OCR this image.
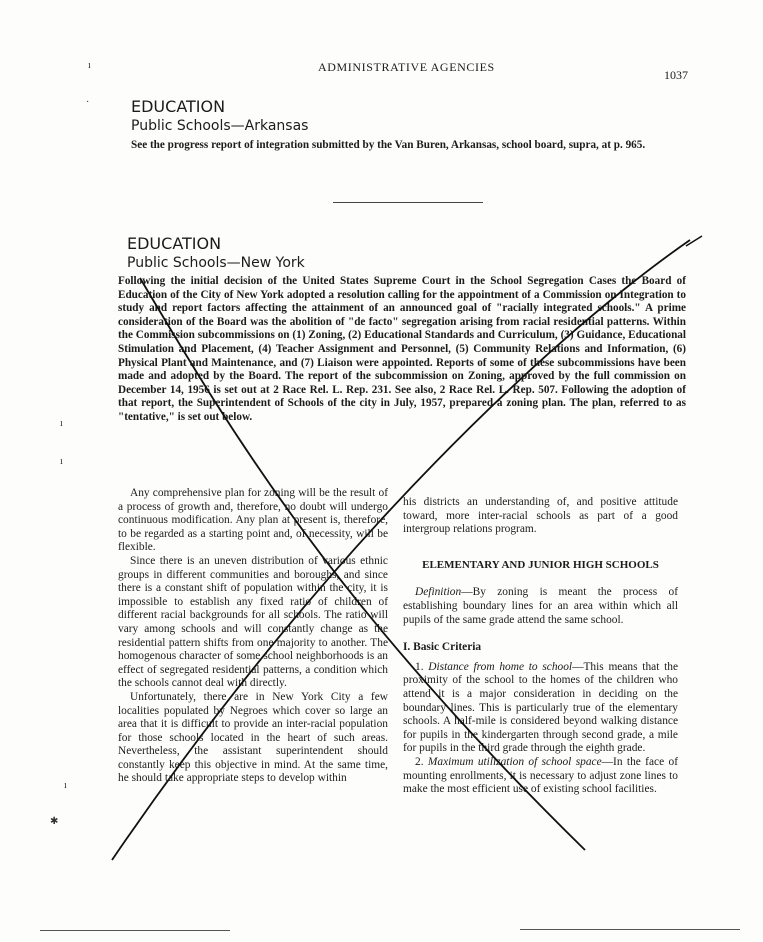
ADMINISTRATIVE AGENCIES
1037
EDUCATION
Public Schools—Arkansas
See the progress report of integration submitted by the Van Buren, Arkansas, school board, supra, at p. 965.
EDUCATION
Public Schools—New York
Following the initial decision of the United States Supreme Court in the School Segregation Cases the Board of Education of the City of New York adopted a resolution calling for the appointment of a Commission on Integration to study and report factors affecting the attainment of an announced goal of "racially integrated schools." A prime consideration of the Board was the abolition of "de facto" segregation arising from racial residential patterns. Within the Commission subcommissions on (1) Zoning, (2) Educational Standards and Curriculum, (3) Guidance, Educational Stimulation and Placement, (4) Teacher Assignment and Personnel, (5) Community Relations and Information, (6) Physical Plant and Maintenance, and (7) Liaison were appointed. Reports of some of these subcommissions have been made and adopted by the Board. The report of the subcommission on Zoning, approved by the full commission on December 14, 1956 is set out at 2 Race Rel. L. Rep. 231. See also, 2 Race Rel. L. Rep. 507. Following the adoption of that report, the Superintendent of Schools of the city in July, 1957, prepared a zoning plan. The plan, referred to as "tentative," is set out below.

Any comprehensive plan for zoning will be the result of a process of growth and, therefore, no doubt will undergo continuous modification. Any plan at present is, therefore, to be regarded as a starting point and, of necessity, will be flexible.

Since there is an uneven distribution of various ethnic groups in different communities and boroughs, and since there is a constant shift of population within the city, it is impossible to establish any fixed ratio of children of different racial backgrounds for all schools. The ratio will vary among schools and will constantly change as the residential pattern shifts from one majority to another. The homogenous character of some school neighborhoods is an effect of segregated residential patterns, a condition which the schools cannot deal with directly.

Unfortunately, there are in New York City a few localities populated by Negroes which cover so large an area that it is difficult to provide an inter-racial population for those schools located in the heart of such areas. Nevertheless, the assistant superintendent should constantly keep this objective in mind. At the same time, he should take appropriate steps to develop within

his districts an understanding of, and positive attitude toward, more inter-racial schools as part of a good intergroup relations program.

ELEMENTARY AND JUNIOR HIGH SCHOOLS

Definition—By zoning is meant the process of establishing boundary lines for an area within which all pupils of the same grade attend the same school.

I. Basic Criteria

1. Distance from home to school—This means that the proximity of the school to the homes of the children who attend it is a major consideration in deciding on the boundary lines. This is particularly true of the elementary schools. A half-mile is considered beyond walking distance for pupils in the kindergarten through second grade, a mile for pupils in the third grade through the eighth grade.

2. Maximum utilization of school space—In the face of mounting enrollments, it is necessary to adjust zone lines to make the most efficient use of existing school facilities.

ı
·
ı
ı
ı
✱
